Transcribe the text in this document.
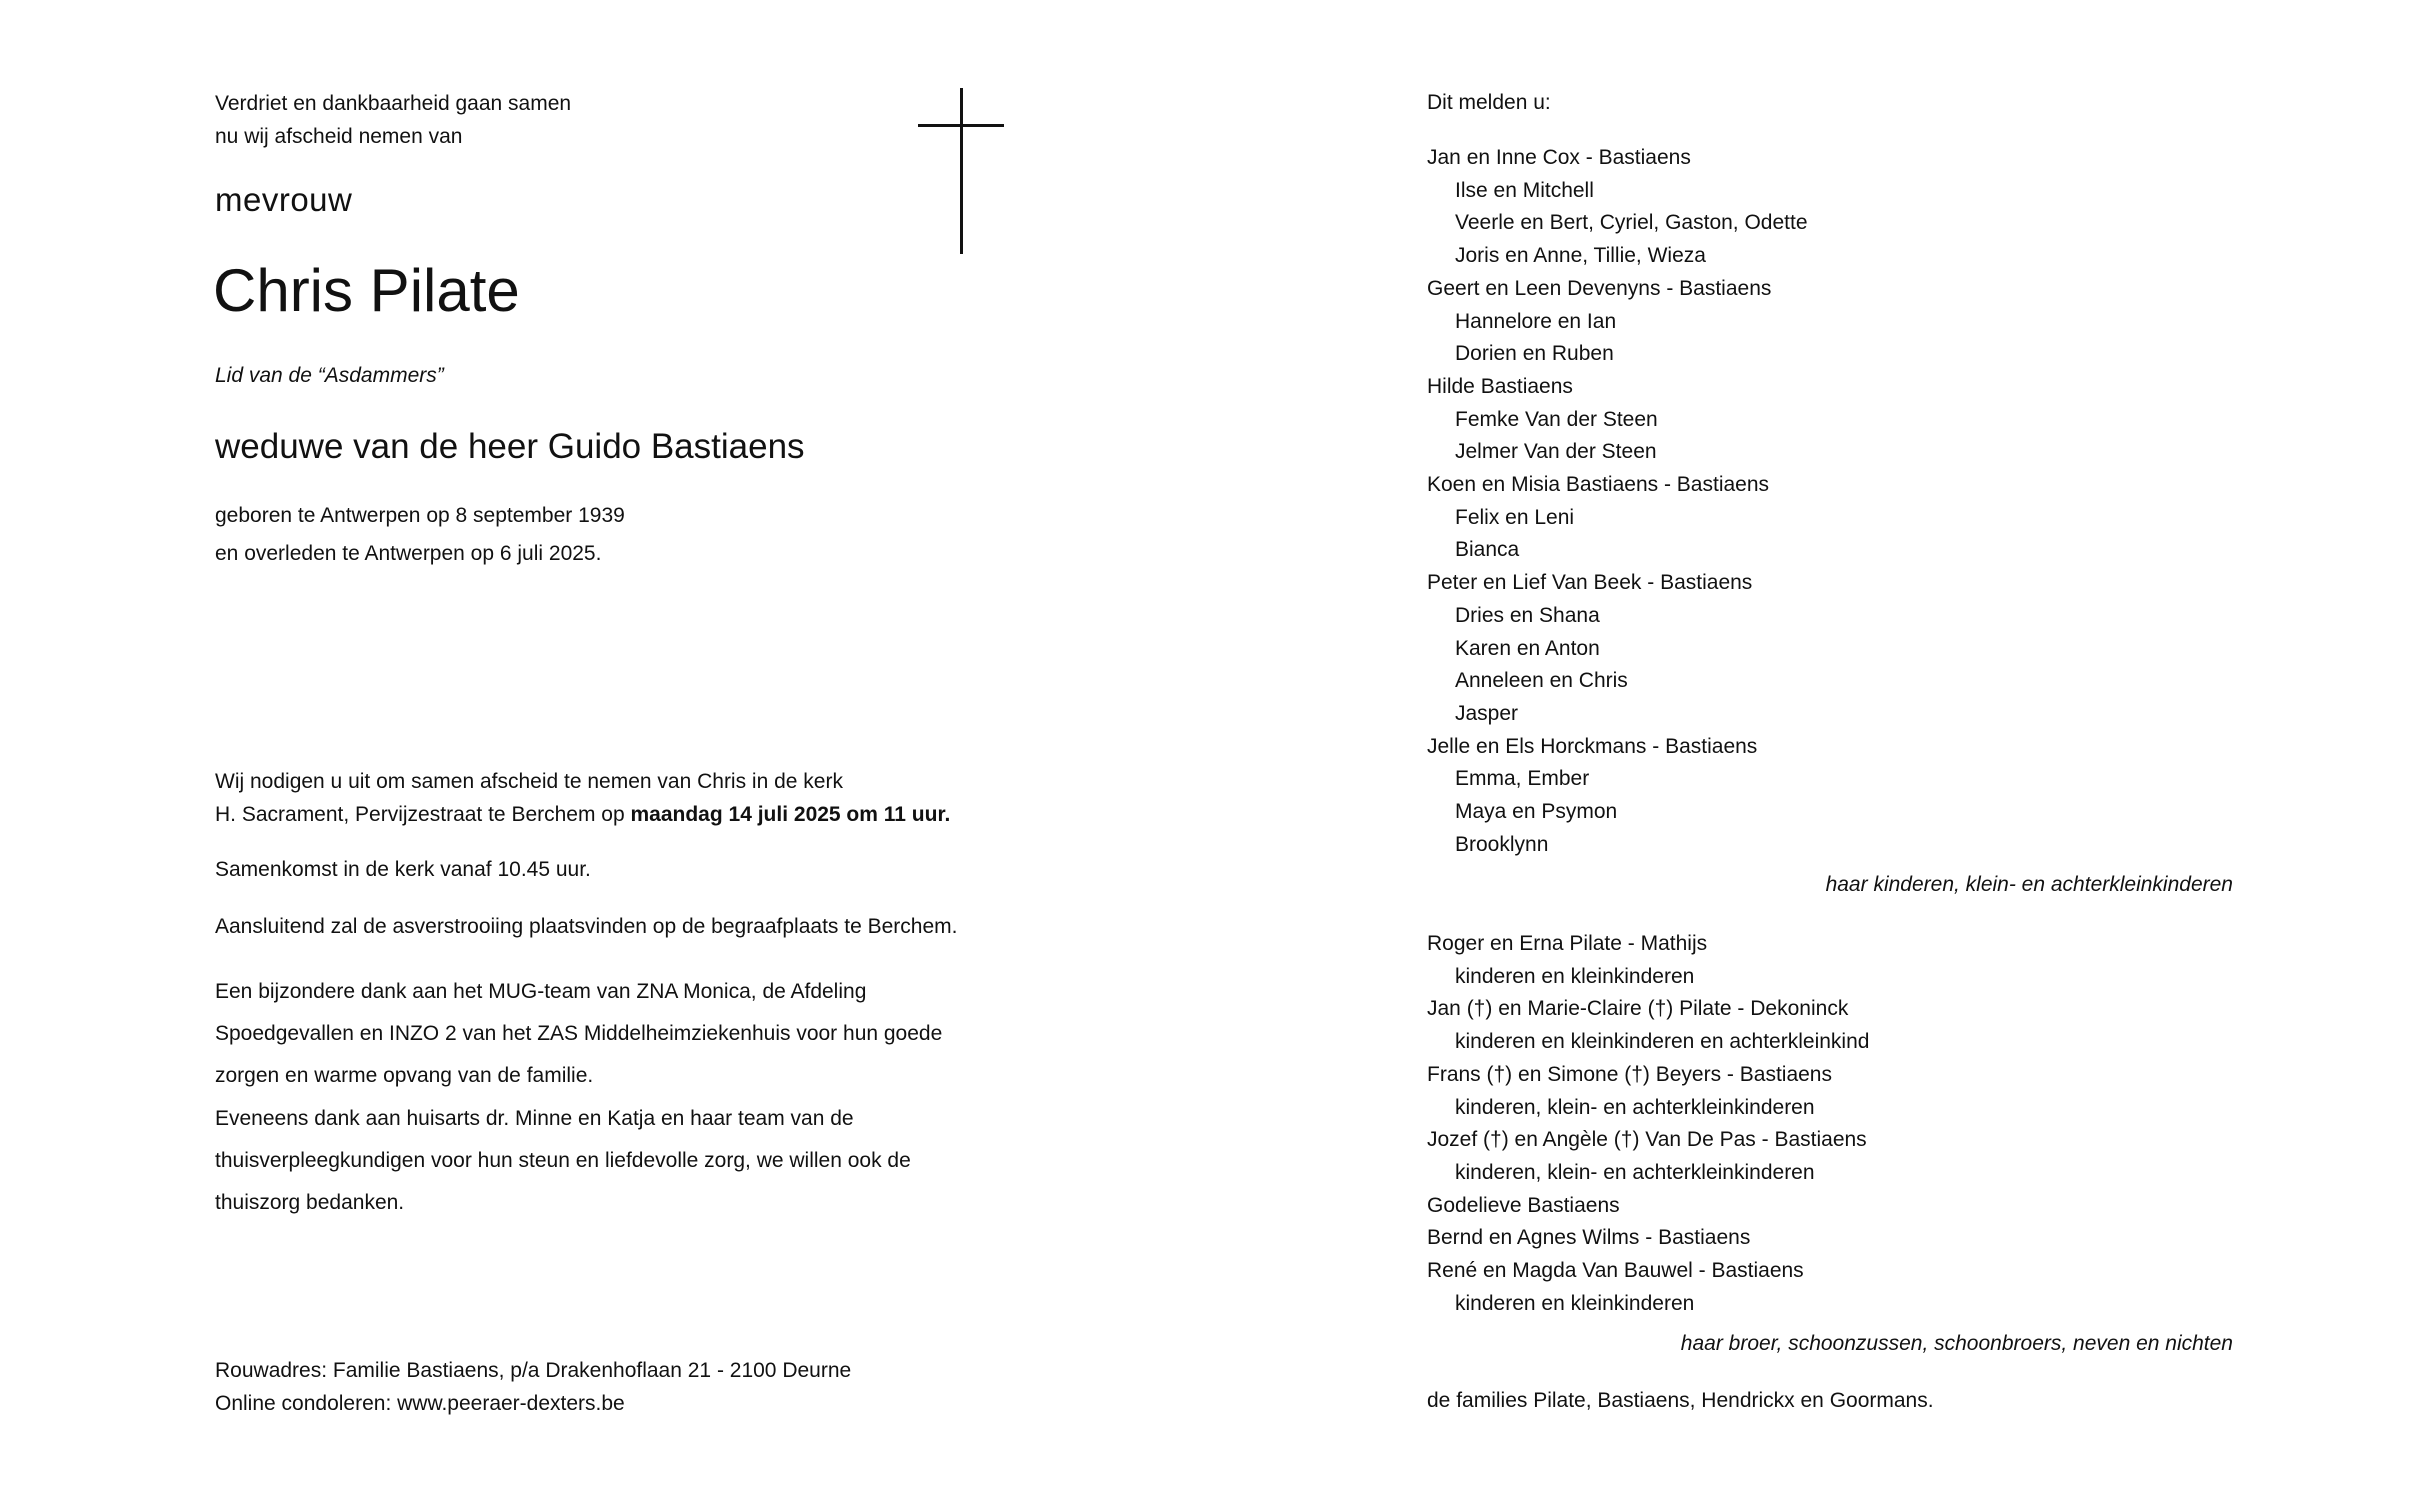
Verdriet en dankbaarheid gaan samen
nu wij afscheid nemen van
mevrouw
Chris Pilate
Lid van de “Asdammers”
weduwe van de heer Guido Bastiaens
geboren te Antwerpen op 8 september 1939
en overleden te Antwerpen op 6 juli 2025.
Wij nodigen u uit om samen afscheid te nemen van Chris in de kerk
H. Sacrament, Pervijzestraat te Berchem op maandag 14 juli 2025 om 11 uur.
Samenkomst in de kerk vanaf 10.45 uur.
Aansluitend zal de asverstrooiing plaatsvinden op de begraafplaats te Berchem.
Een bijzondere dank aan het MUG-team van ZNA Monica, de Afdeling
Spoedgevallen en INZO 2 van het ZAS Middelheimziekenhuis voor hun goede
zorgen en warme opvang van de familie.
Eveneens dank aan huisarts dr. Minne en Katja en haar team van de
thuisverpleegkundigen voor hun steun en liefdevolle zorg, we willen ook de
thuiszorg bedanken.
Rouwadres: Familie Bastiaens, p/a Drakenhoflaan 21 - 2100 Deurne
Online condoleren: www.peeraer-dexters.be
Dit melden u:
Jan en Inne Cox - Bastiaens
Ilse en Mitchell
Veerle en Bert, Cyriel, Gaston, Odette
Joris en Anne, Tillie, Wieza
Geert en Leen Devenyns - Bastiaens
Hannelore en Ian
Dorien en Ruben
Hilde Bastiaens
Femke Van der Steen
Jelmer Van der Steen
Koen en Misia Bastiaens - Bastiaens
Felix en Leni
Bianca
Peter en Lief Van Beek - Bastiaens
Dries en Shana
Karen en Anton
Anneleen en Chris
Jasper
Jelle en Els Horckmans - Bastiaens
Emma, Ember
Maya en Psymon
Brooklynn
haar kinderen, klein- en achterkleinkinderen
Roger en Erna Pilate - Mathijs
kinderen en kleinkinderen
Jan (†) en Marie-Claire (†) Pilate - Dekoninck
kinderen en kleinkinderen en achterkleinkind
Frans (†) en Simone (†) Beyers - Bastiaens
kinderen, klein- en achterkleinkinderen
Jozef (†) en Angèle (†) Van De Pas - Bastiaens
kinderen, klein- en achterkleinkinderen
Godelieve Bastiaens
Bernd en Agnes Wilms - Bastiaens
René en Magda Van Bauwel - Bastiaens
kinderen en kleinkinderen
haar broer, schoonzussen, schoonbroers, neven en nichten
de families Pilate, Bastiaens, Hendrickx en Goormans.
